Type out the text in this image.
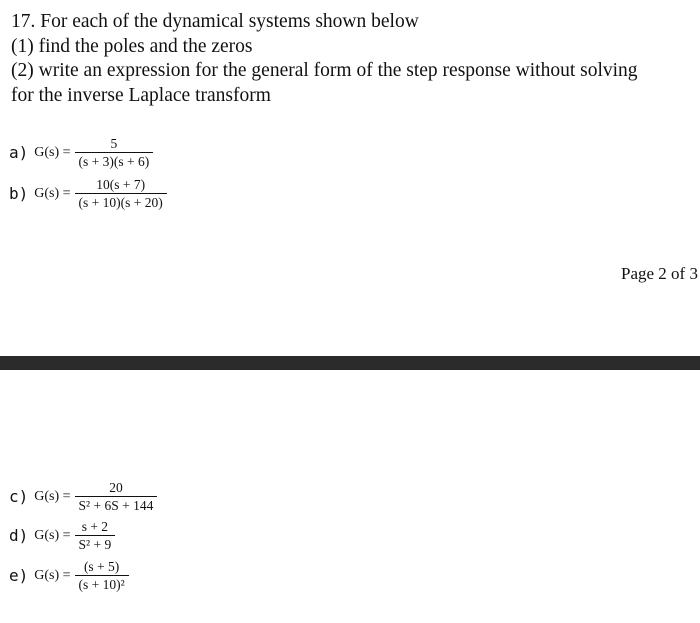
17. For each of the dynamical systems shown below
(1) find the poles and the zeros
(2) write an expression for the general form of the step response without solving
for the inverse Laplace transform
a) $G(s) = \frac{5}{(s + 3)(s + 6)}$
b) $G(s) = \frac{10(s + 7)}{(s + 10)(s + 20)}$
Page 2 of 3
c) $G(s) = \frac{20}{\text{S² + 6S + 144}}$
d) $G(s) = \frac{s + 2}{\text{S² + 9}}$
e) $G(s) = \frac{(s + 5)}{\text{(s + 10)²}}$
